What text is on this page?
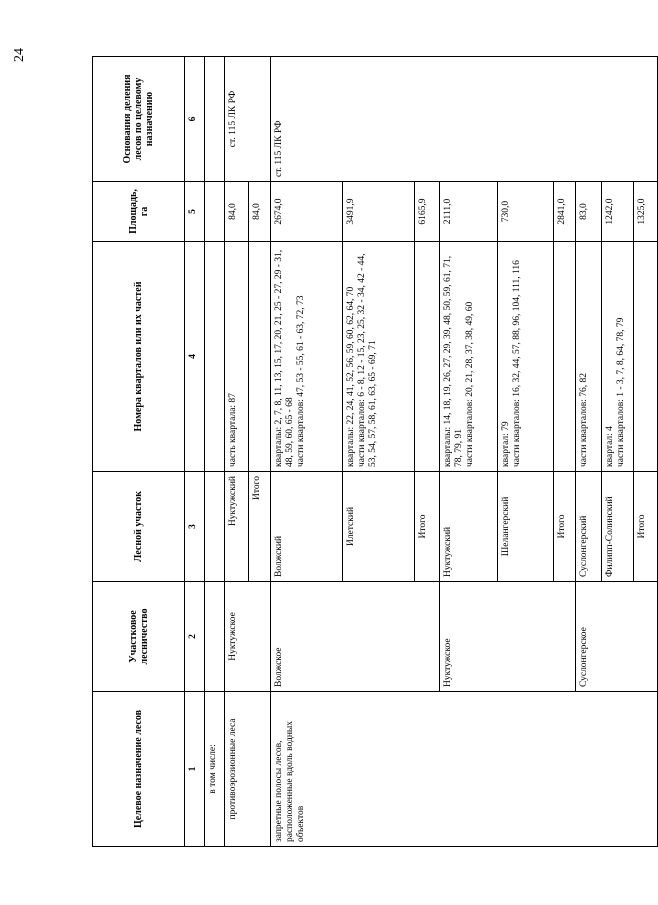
24
Целевое назначение лесов	Участковое лесничество	Лесной участок	Номера кварталов или их частей	Площадь, га	Основания деления лесов по целевому назначению
1	2	3	4	5	6
в том числе:					
противоэрозионные леса	Нуктужское	Нуктужский	часть квартала: 87	84,0	ст. 115 ЛК РФ
		Итого		84,0	
запретные полосы лесов, расположенные вдоль водных объектов	Волжское	Волжский	кварталы: 2, 7, 8, 11, 13, 15, 17, 20, 21, 25 - 27, 29 - 31, 48, 59, 60, 65 - 68 части кварталов: 47, 53 - 55, 61 - 63, 72, 73	2674,0	ст. 115 ЛК РФ
		Илетский	кварталы: 22, 24, 41, 52, 56, 59, 60, 62, 64, 70 части кварталов: 6 - 8, 12 - 15, 23, 25, 32 - 34, 42 - 44, 53, 54, 57, 58, 61, 63, 65 - 69, 71	3491,9	
		Итого		6165,9	
	Нуктужское	Нуктужский	кварталы: 14, 18, 19, 26, 27, 29, 39, 48, 50, 59, 61, 71, 78, 79, 91 части кварталов: 20, 21, 28, 37, 38, 49, 60	2111,0	
		Шелангерский	квартал: 79 части кварталов: 16, 32, 44, 57, 88, 96, 104, 111, 116	730,0	
		Итого		2841,0	
	Суслонгерское	Суслонгерский	части кварталов: 76, 82	83,0	
		Филипп-Солинский	квартал: 4 части кварталов: 1 - 3, 7, 8, 64, 78, 79	1242,0	
		Итого		1325,0	
